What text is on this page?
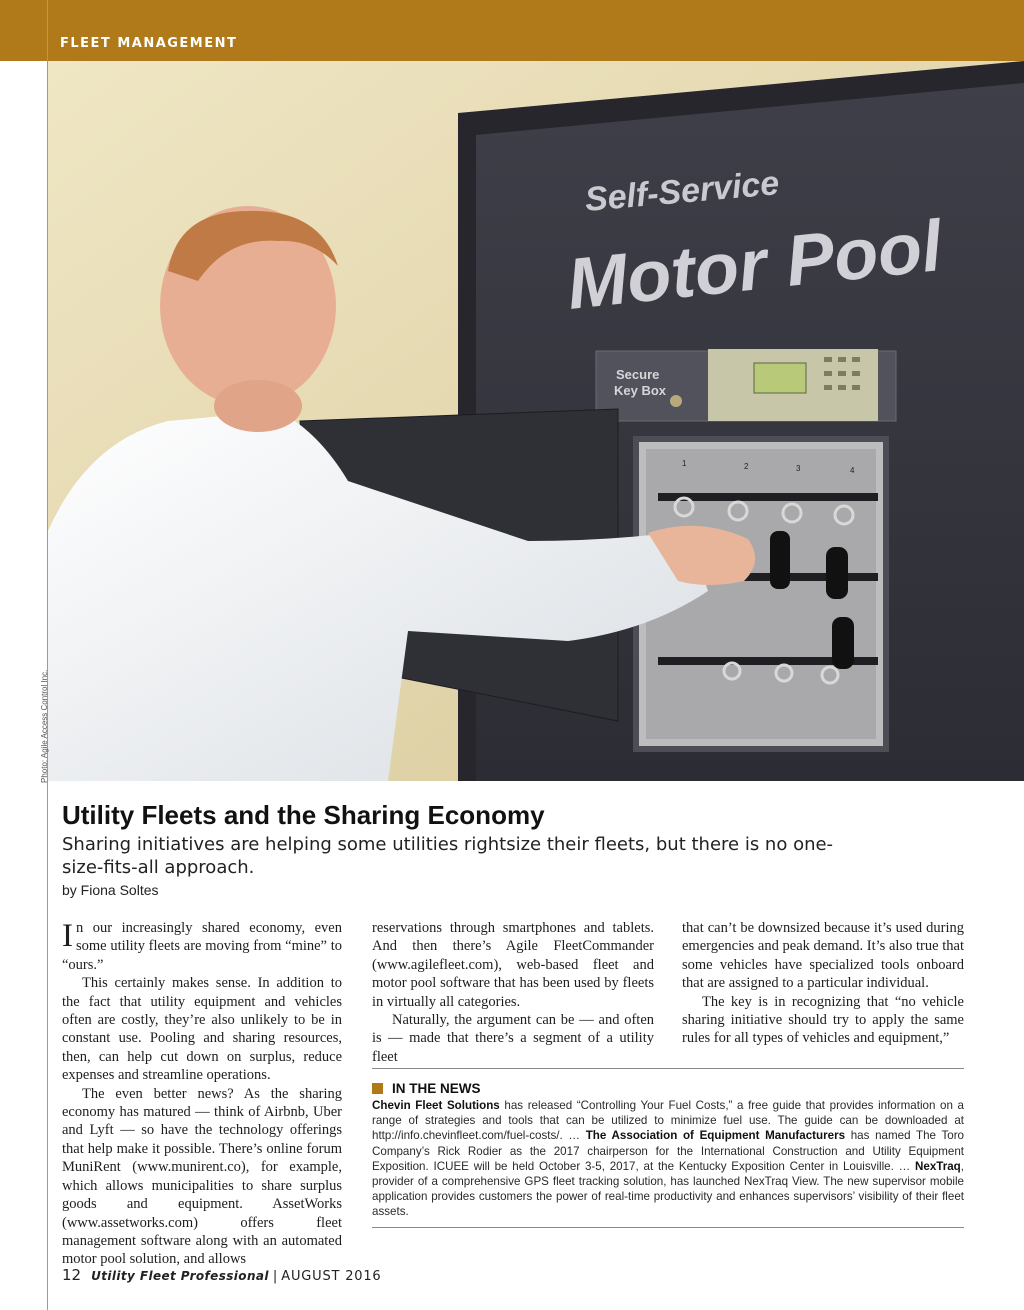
FLEET MANAGEMENT
Self-Service
Motor Pool
Secure
Key Box
1	2	3	4
Photo: Agile Access Control Inc.
Utility Fleets and the Sharing Economy
Sharing initiatives are helping some utilities rightsize their fleets, but there is no one-size-fits-all approach.
by Fiona Soltes

In our increasingly shared economy, even some utility fleets are moving from “mine” to “ours.”

This certainly makes sense. In addition to the fact that utility equipment and vehicles often are costly, they’re also unlikely to be in constant use. Pooling and sharing resources, then, can help cut down on surplus, reduce expenses and streamline operations.

The even better news? As the sharing economy has matured — think of Airbnb, Uber and Lyft — so have the technology offerings that help make it possible. There’s online forum MuniRent (www.munirent.co), for example, which allows municipalities to share surplus goods and equipment. AssetWorks (www.assetworks.com) offers fleet management software along with an automated motor pool solution, and allows

reservations through smartphones and tablets. And then there’s Agile FleetCommander (www.agilefleet.com), web-based fleet and motor pool software that has been used by fleets in virtually all categories.

Naturally, the argument can be — and often is — made that there’s a segment of a utility fleet

that can’t be downsized because it’s used during emergencies and peak demand. It’s also true that some vehicles have specialized tools onboard that are assigned to a particular individual.

The key is in recognizing that “no vehicle sharing initiative should try to apply the same rules for all types of vehicles and equipment,”

IN THE NEWS
Chevin Fleet Solutions has released “Controlling Your Fuel Costs,” a free guide that provides information on a range of strategies and tools that can be utilized to minimize fuel use. The guide can be downloaded at http://info.chevinfleet.com/fuel-costs/. … The Association of Equipment Manufacturers has named The Toro Company’s Rick Rodier as the 2017 chairperson for the International Construction and Utility Equipment Exposition. ICUEE will be held October 3-5, 2017, at the Kentucky Exposition Center in Louisville. … NexTraq, provider of a comprehensive GPS fleet tracking solution, has launched NexTraq View. The new supervisor mobile application provides customers the power of real-time productivity and enhances supervisors’ visibility of their fleet assets.
12 Utility Fleet Professional | AUGUST 2016
